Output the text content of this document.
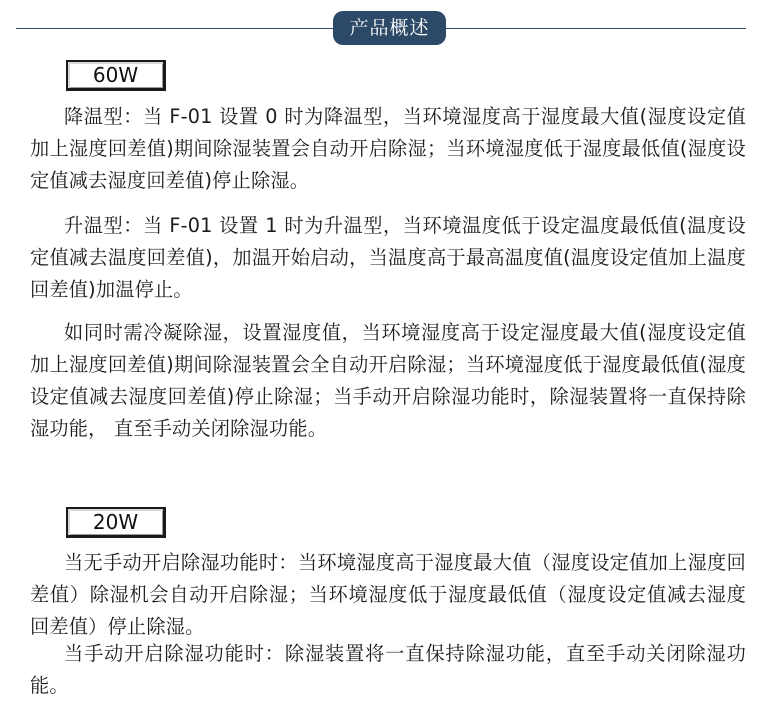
产品概述
60W

降温型：当 F-01 设置 0 时为降温型，当环境湿度高于湿度最大值(湿度设定值加上湿度回差值)期间除湿装置会自动开启除湿；当环境湿度低于湿度最低值(湿度设定值减去湿度回差值)停止除湿。

升温型：当 F-01 设置 1 时为升温型，当环境温度低于设定温度最低值(温度设定值减去温度回差值)，加温开始启动，当温度高于最高温度值(温度设定值加上温度回差值)加温停止。

如同时需冷凝除湿，设置湿度值，当环境湿度高于设定湿度最大值(湿度设定值加上湿度回差值)期间除湿装置会全自动开启除湿；当环境湿度低于湿度最低值(湿度设定值减去湿度回差值)停止除湿；当手动开启除湿功能时，除湿装置将一直保持除湿功能， 直至手动关闭除湿功能。

20W

当无手动开启除湿功能时：当环境湿度高于湿度最大值（湿度设定值加上湿度回差值）除湿机会自动开启除湿；当环境湿度低于湿度最低值（湿度设定值减去湿度回差值）停止除湿。

当手动开启除湿功能时：除湿装置将一直保持除湿功能，直至手动关闭除湿功能。
